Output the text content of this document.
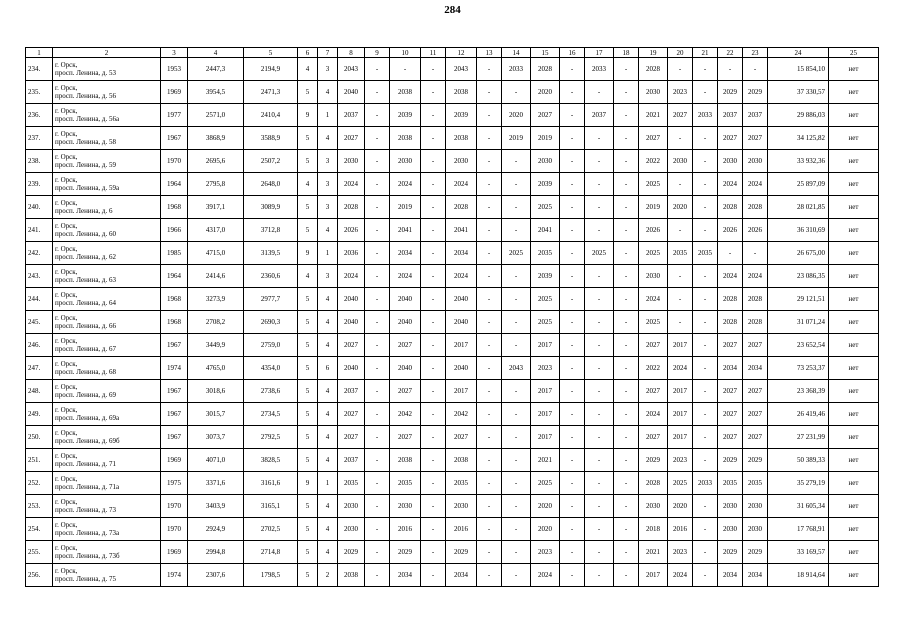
284
1	2	3	4	5	6	7	8	9	10	11	12	13	14	15	16	17	18	19	20	21	22	23	24	25
234.	г. Орск,
просп. Ленина, д. 53	1953	2447,3	2194,9	4	3	2043	-	-	-	2043	-	2033	2028	-	2033	-	2028	-	-	-	-	15 854,10	нет
235.	г. Орск,
просп. Ленина, д. 56	1969	3954,5	2471,3	5	4	2040	-	2038	-	2038	-	-	2020	-	-	-	2030	2023	-	2029	2029	37 330,57	нет
236.	г. Орск,
просп. Ленина, д. 56а	1977	2571,0	2410,4	9	1	2037	-	2039	-	2039	-	2020	2027	-	2037	-	2021	2027	2033	2037	2037	29 886,03	нет
237.	г. Орск,
просп. Ленина, д. 58	1967	3868,9	3588,9	5	4	2027	-	2038	-	2038	-	2019	2019	-	-	-	2027	-	-	2027	2027	34 125,82	нет
238.	г. Орск,
просп. Ленина, д. 59	1970	2695,6	2507,2	5	3	2030	-	2030	-	2030	-	-	2030	-	-	-	2022	2030	-	2030	2030	33 932,36	нет
239.	г. Орск,
просп. Ленина, д. 59а	1964	2795,8	2648,0	4	3	2024	-	2024	-	2024	-	-	2039	-	-	-	2025	-	-	2024	2024	25 897,09	нет
240.	г. Орск,
просп. Ленина, д. 6	1968	3917,1	3089,9	5	3	2028	-	2019	-	2028	-	-	2025	-	-	-	2019	2020	-	2028	2028	28 021,85	нет
241.	г. Орск,
просп. Ленина, д. 60	1966	4317,0	3712,8	5	4	2026	-	2041	-	2041	-	-	2041	-	-	-	2026	-	-	2026	2026	36 310,69	нет
242.	г. Орск,
просп. Ленина, д. 62	1985	4715,0	3139,5	9	1	2036	-	2034	-	2034	-	2025	2035	-	2025	-	2025	2035	2035	-	-	26 675,00	нет
243.	г. Орск,
просп. Ленина, д. 63	1964	2414,6	2360,6	4	3	2024	-	2024	-	2024	-	-	2039	-	-	-	2030	-	-	2024	2024	23 086,35	нет
244.	г. Орск,
просп. Ленина, д. 64	1968	3273,9	2977,7	5	4	2040	-	2040	-	2040	-	-	2025	-	-	-	2024	-	-	2028	2028	29 121,51	нет
245.	г. Орск,
просп. Ленина, д. 66	1968	2708,2	2690,3	5	4	2040	-	2040	-	2040	-	-	2025	-	-	-	2025	-	-	2028	2028	31 071,24	нет
246.	г. Орск,
просп. Ленина, д. 67	1967	3449,9	2759,0	5	4	2027	-	2027	-	2017	-	-	2017	-	-	-	2027	2017	-	2027	2027	23 652,54	нет
247.	г. Орск,
просп. Ленина, д. 68	1974	4765,0	4354,0	5	6	2040	-	2040	-	2040	-	2043	2023	-	-	-	2022	2024	-	2034	2034	73 253,37	нет
248.	г. Орск,
просп. Ленина, д. 69	1967	3018,6	2738,6	5	4	2037	-	2027	-	2017	-	-	2017	-	-	-	2027	2017	-	2027	2027	23 368,39	нет
249.	г. Орск,
просп. Ленина, д. 69а	1967	3015,7	2734,5	5	4	2027	-	2042	-	2042	-	-	2017	-	-	-	2024	2017	-	2027	2027	26 419,46	нет
250.	г. Орск,
просп. Ленина, д. 69б	1967	3073,7	2792,5	5	4	2027	-	2027	-	2027	-	-	2017	-	-	-	2027	2017	-	2027	2027	27 231,99	нет
251.	г. Орск,
просп. Ленина, д. 71	1969	4071,0	3828,5	5	4	2037	-	2038	-	2038	-	-	2021	-	-	-	2029	2023	-	2029	2029	50 389,33	нет
252.	г. Орск,
просп. Ленина, д. 71а	1975	3371,6	3161,6	9	1	2035	-	2035	-	2035	-	-	2025	-	-	-	2028	2025	2033	2035	2035	35 279,19	нет
253.	г. Орск,
просп. Ленина, д. 73	1970	3403,9	3165,1	5	4	2030	-	2030	-	2030	-	-	2020	-	-	-	2030	2020	-	2030	2030	31 605,34	нет
254.	г. Орск,
просп. Ленина, д. 73а	1970	2924,9	2702,5	5	4	2030	-	2016	-	2016	-	-	2020	-	-	-	2018	2016	-	2030	2030	17 768,91	нет
255.	г. Орск,
просп. Ленина, д. 73б	1969	2994,8	2714,8	5	4	2029	-	2029	-	2029	-	-	2023	-	-	-	2021	2023	-	2029	2029	33 169,57	нет
256.	г. Орск,
просп. Ленина, д. 75	1974	2307,6	1798,5	5	2	2038	-	2034	-	2034	-	-	2024	-	-	-	2017	2024	-	2034	2034	18 914,64	нет
